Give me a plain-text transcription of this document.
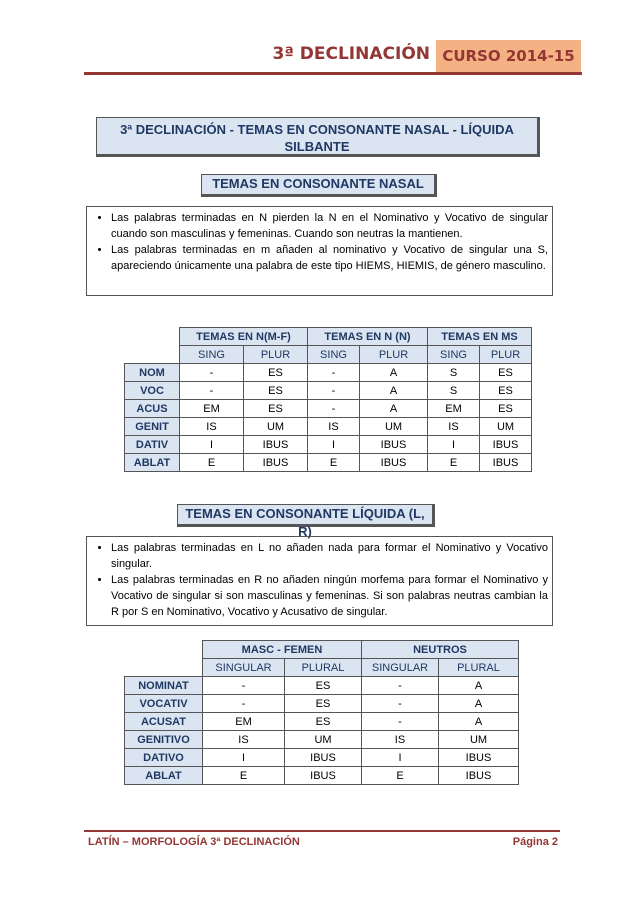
3ª DECLINACIÓN CURSO 2014-15
3ª DECLINACIÓN - TEMAS EN CONSONANTE NASAL - LÍQUIDA SILBANTE
TEMAS EN CONSONANTE NASAL
• Las palabras terminadas en N pierden la N en el Nominativo y Vocativo de singular cuando son masculinas y femeninas. Cuando son neutras la mantienen.
• Las palabras terminadas en m añaden al nominativo y Vocativo de singular una S, apareciendo únicamente una palabra de este tipo HIEMS, HIEMIS, de género masculino.
	TEMAS EN N(M-F)		TEMAS EN N (N)		TEMAS EN MS	
	SING	PLUR	SING	PLUR	SING	PLUR
NOM	-	ES	-	A	S	ES
VOC	-	ES	-	A	S	ES
ACUS	EM	ES	-	A	EM	ES
GENIT	IS	UM	IS	UM	IS	UM
DATIV	I	IBUS	I	IBUS	I	IBUS
ABLAT	E	IBUS	E	IBUS	E	IBUS
TEMAS EN CONSONANTE LÍQUIDA (L, R)
• Las palabras terminadas en L no añaden nada para formar el Nominativo y Vocativo singular.
• Las palabras terminadas en R no añaden ningún morfema para formar el Nominativo y Vocativo de singular si son masculinas y femeninas. Si son palabras neutras cambian la R por S en Nominativo, Vocativo y Acusativo de singular.
	MASC - FEMEN		NEUTROS	
	SINGULAR	PLURAL	SINGULAR	PLURAL
NOMINAT	-	ES	-	A
VOCATIV	-	ES	-	A
ACUSAT	EM	ES	-	A
GENITIVO	IS	UM	IS	UM
DATIVO	I	IBUS	I	IBUS
ABLAT	E	IBUS	E	IBUS
LATÍN – MORFOLOGÍA 3ª DECLINACIÓN	Página 2
